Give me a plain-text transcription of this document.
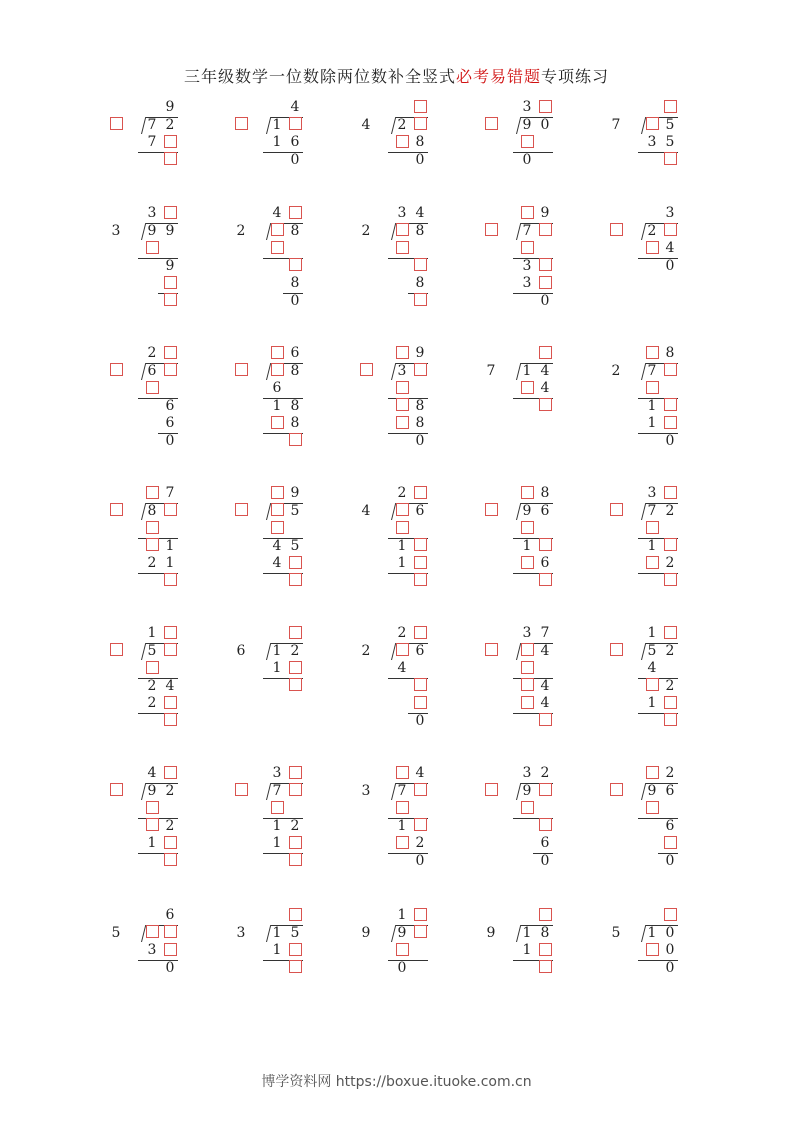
三年级数学一位数除两位数补全竖式必考易错题专项练习
9
7 2
7
4
1
1 6
0
4 2
8
0
3
9 0
0
7	5
3 5
3
3
9 9
9
2
4
8
8
0
2
3 4
8
8
9
7
3
3
0
3
2
4
0
2
6
6
6
0
6
8
6
1 8
8
9
3
8
8
0
7 1 4
4
2
8
7
1
1
0
7
8
1
2 1
9
5
4 5
4
4
2
6
1
1
8
9 6
1
6
3
7 2
1
2
1
5
2 4
2
6 1 2
1
2
2
6
4
0
3 7
4
4
4
1
5 2
4
2
1
4
9 2
2
1
3
7
1 2
1
3
4
7
1
2
0
3 2
9
6
0
2
9 6
6
0
5
6
3
0
3 1 5
1
9
1
9
0
9 1 8
1
5 1 0
0
0
博学资料网 https://boxue.ituoke.com.cn
